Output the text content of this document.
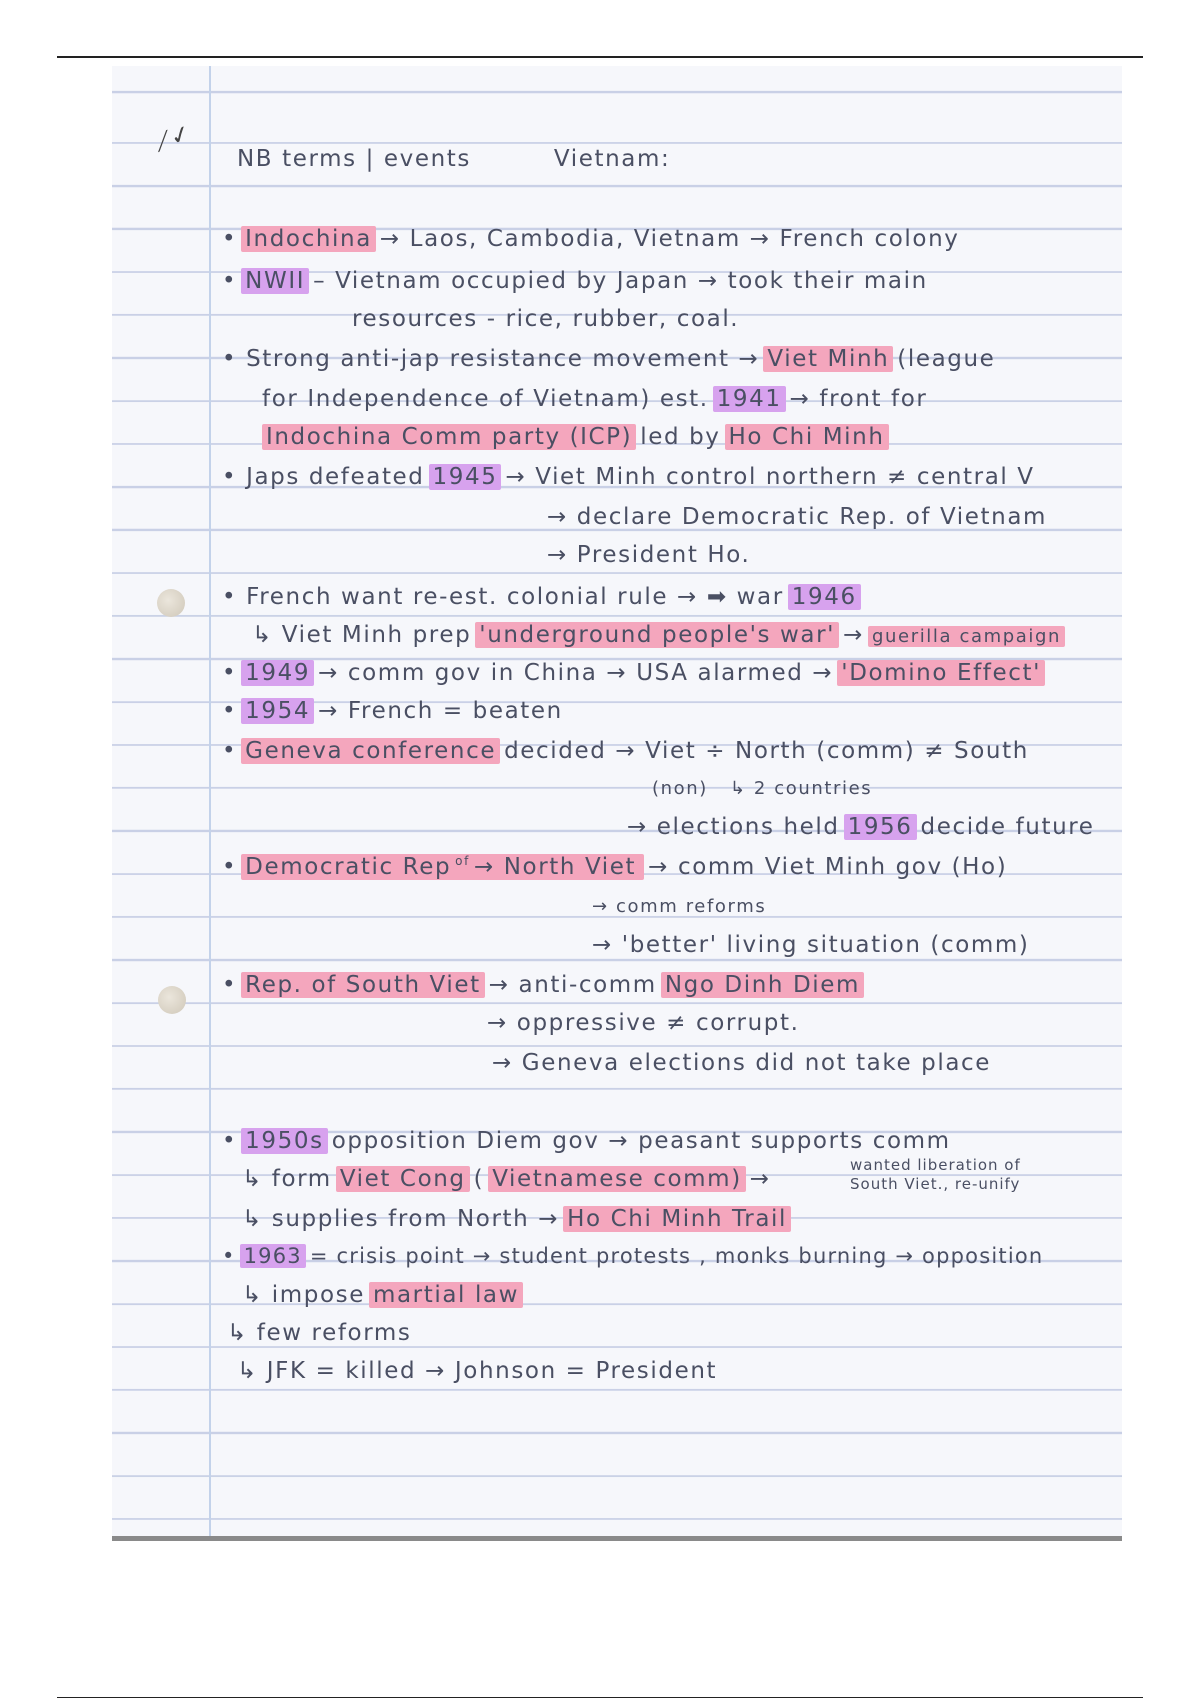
⟋✓
NB terms | events	Vietnam:
• Indochina → Laos, Cambodia, Vietnam → French colony
• NWII – Vietnam occupied by Japan → took their main
resources - rice, rubber, coal.
• Strong anti-jap resistance movement → Viet Minh (league
for Independence of Vietnam) est. 1941 → front for
Indochina Comm party (ICP) led by Ho Chi Minh
• Japs defeated 1945 → Viet Minh control northern ≠ central V
→ declare Democratic Rep. of Vietnam
→ President Ho.
• French want re-est. colonial rule → ➡ war 1946
↳ Viet Minh prep 'underground people's war' → guerilla campaign
• 1949 → comm gov in China → USA alarmed → 'Domino Effect'
• 1954 → French = beaten
• Geneva conference decided → Viet ÷ North (comm) ≠ South
(non) ↳ 2 countries
→ elections held 1956 decide future
• Democratic Rep $^{of}$ → North Viet → comm Viet Minh gov (Ho)
→ comm reforms
→ 'better' living situation (comm)
• Rep. of South Viet → anti-comm Ngo Dinh Diem
→ oppressive ≠ corrupt.
→ Geneva elections did not take place
• 1950s opposition Diem gov → peasant supports comm
↳ form Viet Cong ( Vietnamese comm) →
wanted liberation of
South Viet., re-unify
↳ supplies from North → Ho Chi Minh Trail
• 1963 = crisis point → student protests , monks burning → opposition
↳ impose martial law
↳ few reforms
↳ JFK = killed → Johnson = President
